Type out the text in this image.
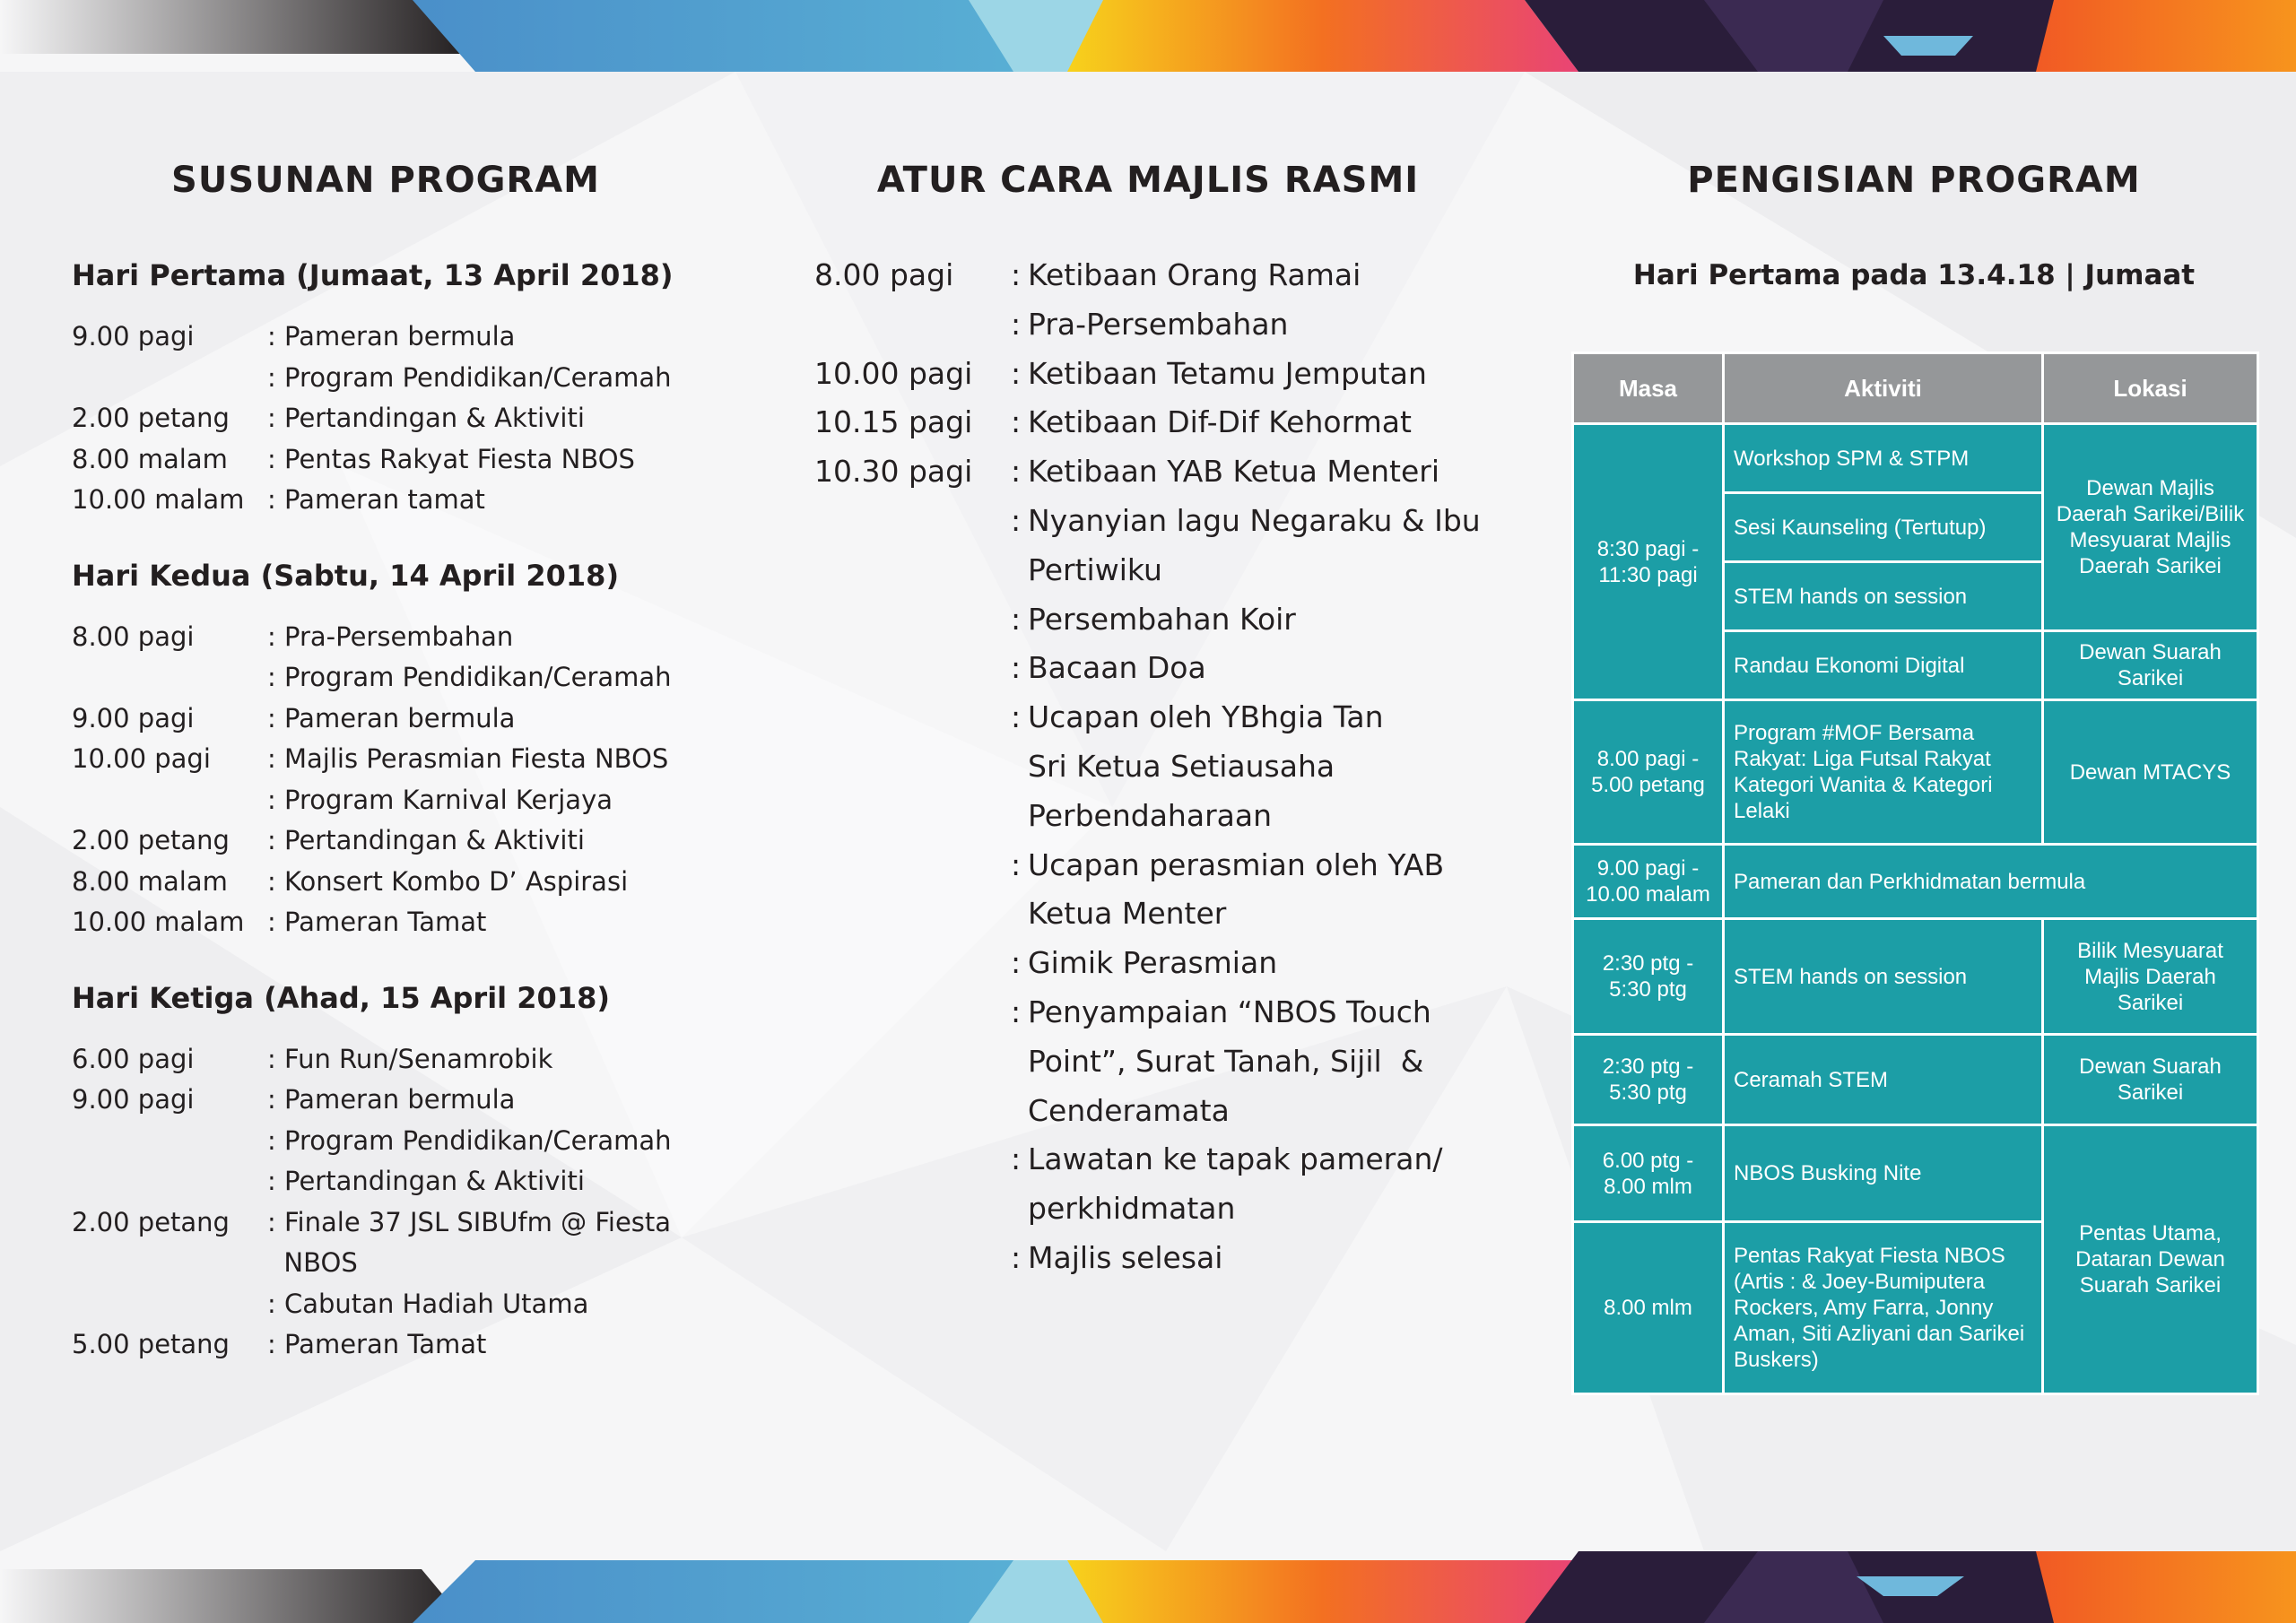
SUSUNAN PROGRAM
Hari Pertama (Jumaat, 13 April 2018)
9.00 pagi	: Pameran bermula
: Program Pendidikan/Ceramah
2.00 petang	: Pertandingan & Aktiviti
8.00 malam	: Pentas Rakyat Fiesta NBOS
10.00 malam : Pameran tamat
Hari Kedua (Sabtu, 14 April 2018)
8.00 pagi	: Pra-Persembahan
: Program Pendidikan/Ceramah
9.00 pagi	: Pameran bermula
10.00 pagi	: Majlis Perasmian Fiesta NBOS
: Program Karnival Kerjaya
2.00 petang	: Pertandingan & Aktiviti
8.00 malam	: Konsert Kombo D’ Aspirasi
10.00 malam : Pameran Tamat
Hari Ketiga (Ahad, 15 April 2018)
6.00 pagi	: Fun Run/Senamrobik
9.00 pagi	: Pameran bermula
: Program Pendidikan/Ceramah
: Pertandingan & Aktiviti
2.00 petang	: Finale 37 JSL SIBUfm @ Fiesta
NBOS
: Cabutan Hadiah Utama
5.00 petang	: Pameran Tamat
ATUR CARA MAJLIS RASMI
8.00 pagi	: Ketibaan Orang Ramai
: Pra-Persembahan
10.00 pagi	: Ketibaan Tetamu Jemputan
10.15 pagi	: Ketibaan Dif-Dif Kehormat
10.30 pagi	: Ketibaan YAB Ketua Menteri
: Nyanyian lagu Negaraku & Ibu
Pertiwiku
: Persembahan Koir
: Bacaan Doa
: Ucapan oleh YBhgia Tan
Sri Ketua Setiausaha
Perbendaharaan
: Ucapan perasmian oleh YAB
Ketua Menter
: Gimik Perasmian
: Penyampaian “NBOS Touch
Point”, Surat Tanah, Sijil  &
Cenderamata
: Lawatan ke tapak pameran/
perkhidmatan
: Majlis selesai
PENGISIAN PROGRAM
Hari Pertama pada 13.4.18 | Jumaat
Masa	Aktiviti	Lokasi
8:30 pagi - 11:30 pagi	Workshop SPM & STPM	Dewan Majlis Daerah Sarikei/Bilik Mesyuarat Majlis Daerah Sarikei
	Sesi Kaunseling (Tertutup)	
	STEM hands on session	
	Randau Ekonomi Digital	Dewan Suarah Sarikei
8.00 pagi - 5.00 petang	Program #MOF Bersama Rakyat: Liga Futsal Rakyat Kategori Wanita & Kategori Lelaki	Dewan MTACYS
9.00 pagi - 10.00 malam	Pameran dan Perkhidmatan bermula	
2:30 ptg - 5:30 ptg	STEM hands on session	Bilik Mesyuarat Majlis Daerah Sarikei
2:30 ptg - 5:30 ptg	Ceramah STEM	Dewan Suarah Sarikei
6.00 ptg - 8.00 mlm	NBOS Busking Nite	Pentas Utama, Dataran Dewan Suarah Sarikei
8.00 mlm	Pentas Rakyat Fiesta NBOS (Artis : & Joey-Bumiputera Rockers, Amy Farra, Jonny Aman, Siti Azliyani dan Sarikei Buskers)	
